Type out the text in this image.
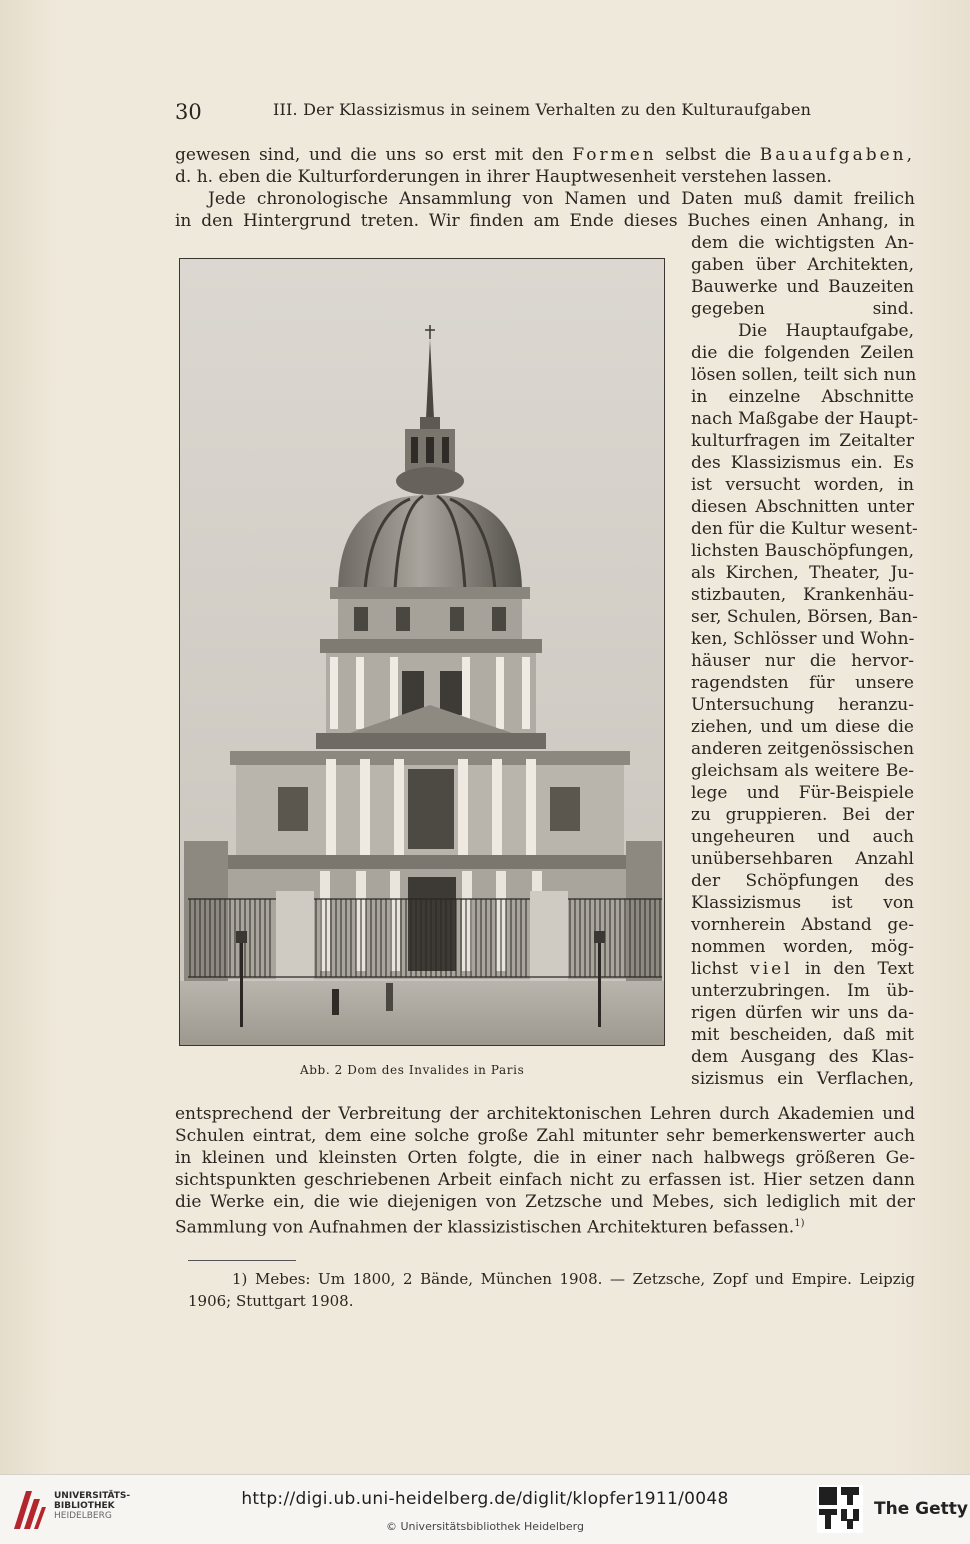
30	III. Der Klassizismus in seinem Verhalten zu den Kulturaufgaben
gewesen sind, und die uns so erst mit den Formen selbst die Bauaufgaben,
d. h. eben die Kulturforderungen in ihrer Hauptwesenheit verstehen lassen.
Jede chronologische Ansammlung von Namen und Daten muß damit freilich
in den Hintergrund treten. Wir finden am Ende dieses Buches einen Anhang, in
dem die wichtigsten An-
gaben über Architekten,
Bauwerke und Bauzeiten
gegeben sind.
Die Hauptaufgabe,
die die folgenden Zeilen
lösen sollen, teilt sich nun
in einzelne Abschnitte
nach Maßgabe der Haupt-
kulturfragen im Zeitalter
des Klassizismus ein. Es
ist versucht worden, in
diesen Abschnitten unter
den für die Kultur wesent-
lichsten Bauschöpfungen,
als Kirchen, Theater, Ju-
stizbauten, Krankenhäu-
ser, Schulen, Börsen, Ban-
ken, Schlösser und Wohn-
häuser nur die hervor-
ragendsten für unsere
Untersuchung heranzu-
ziehen, und um diese die
anderen zeitgenössischen
gleichsam als weitere Be-
lege und Für-Beispiele
zu gruppieren. Bei der
ungeheuren und auch
unübersehbaren Anzahl
der Schöpfungen des
Klassizismus ist von
vornherein Abstand ge-
nommen worden, mög-
lichst viel in den Text
unterzubringen. Im üb-
rigen dürfen wir uns da-
mit bescheiden, daß mit
dem Ausgang des Klas-
sizismus ein Verflachen,
Abb. 2 Dom des Invalides in Paris
entsprechend der Verbreitung der architektonischen Lehren durch Akademien und
Schulen eintrat, dem eine solche große Zahl mitunter sehr bemerkenswerter auch
in kleinen und kleinsten Orten folgte, die in einer nach halbwegs größeren Ge-
sichtspunkten geschriebenen Arbeit einfach nicht zu erfassen ist. Hier setzen dann
die Werke ein, die wie diejenigen von Zetzsche und Mebes, sich lediglich mit der
Sammlung von Aufnahmen der klassizistischen Architekturen befassen.$^{1)}$
1) Mebes: Um 1800, 2 Bände, München 1908. — Zetzsche, Zopf und Empire. Leipzig
1906; Stuttgart 1908.
UNIVERSITÄTS-
BIBLIOTHEK
HEIDELBERG
http://digi.ub.uni-heidelberg.de/diglit/klopfer1911/0048
© Universitätsbibliothek Heidelberg
The Getty
